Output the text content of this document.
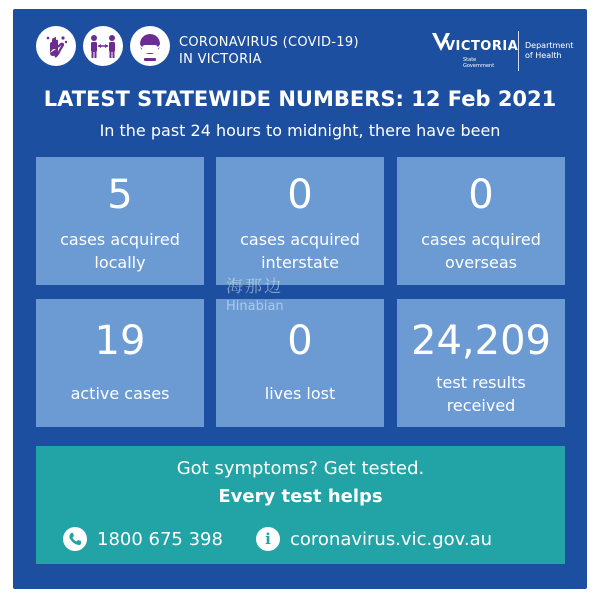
CORONAVIRUS (COVID-19)
IN VICTORIA
VICTORIA
State
Government
Department
of Health
LATEST STATEWIDE NUMBERS: 12 Feb 2021
In the past 24 hours to midnight, there have been
5
cases acquired
locally
0
cases acquired
interstate
0
cases acquired
overseas
19
active cases
0
lives lost
24,209
test results
received
海那边
Hinabian
Got symptoms? Get tested.
Every test helps
1800 675 398	i coronavirus.vic.gov.au
